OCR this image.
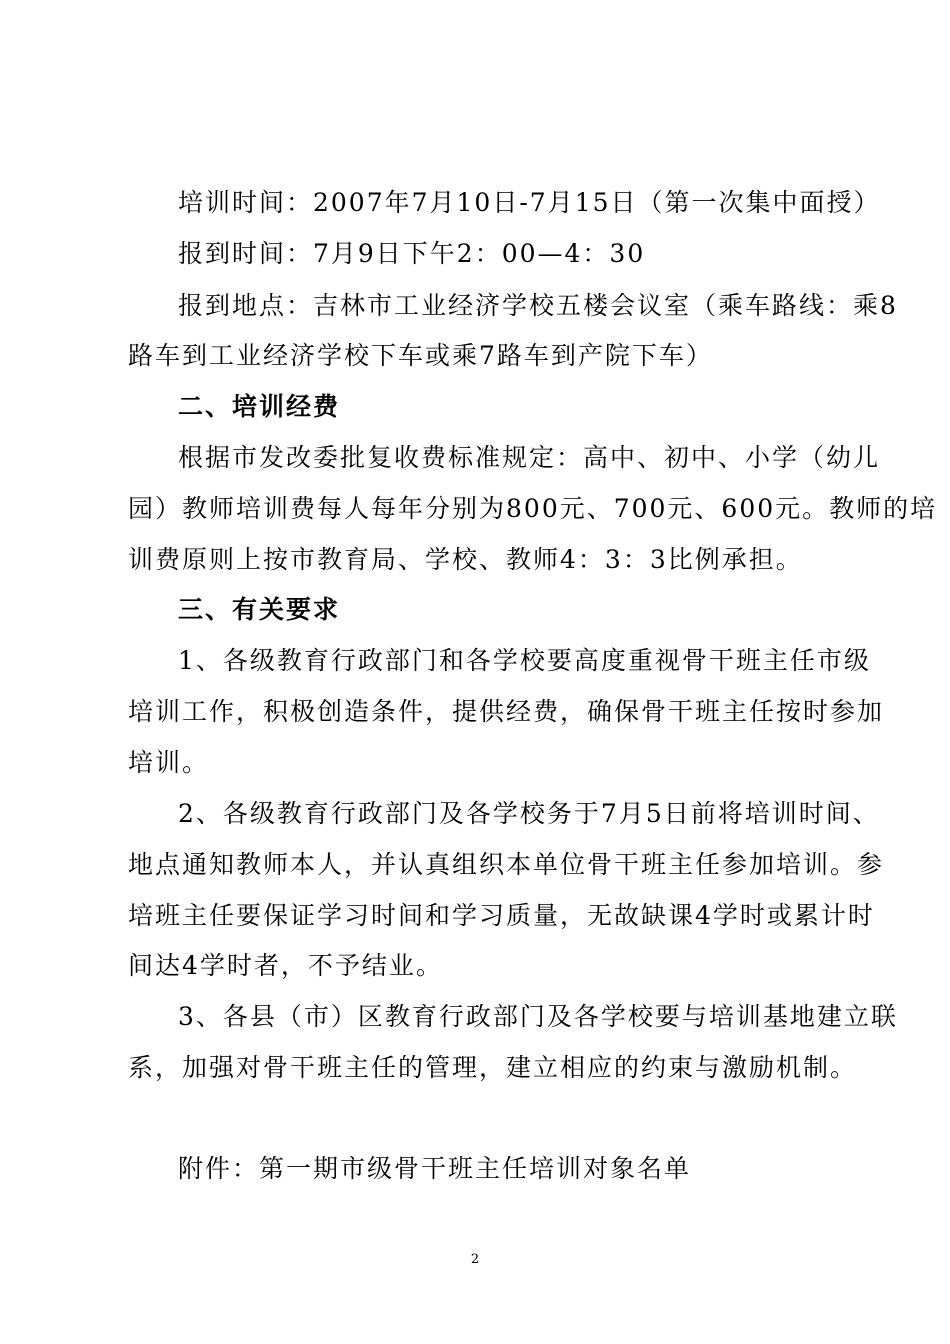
培训时间：2007年7月10日-7月15日（第一次集中面授）
报到时间：7月9日下午2：00—4：30
报到地点：吉林市工业经济学校五楼会议室（乘车路线：乘8
路车到工业经济学校下车或乘7路车到产院下车）
二、培训经费
根据市发改委批复收费标准规定：高中、初中、小学（幼儿
园）教师培训费每人每年分别为800元、700元、600元。教师的培
训费原则上按市教育局、学校、教师4：3：3比例承担。
三、有关要求
1、各级教育行政部门和各学校要高度重视骨干班主任市级
培训工作，积极创造条件，提供经费，确保骨干班主任按时参加
培训。
2、各级教育行政部门及各学校务于7月5日前将培训时间、
地点通知教师本人，并认真组织本单位骨干班主任参加培训。参
培班主任要保证学习时间和学习质量，无故缺课4学时或累计时
间达4学时者，不予结业。
3、各县（市）区教育行政部门及各学校要与培训基地建立联
系，加强对骨干班主任的管理，建立相应的约束与激励机制。
附件：第一期市级骨干班主任培训对象名单
2
